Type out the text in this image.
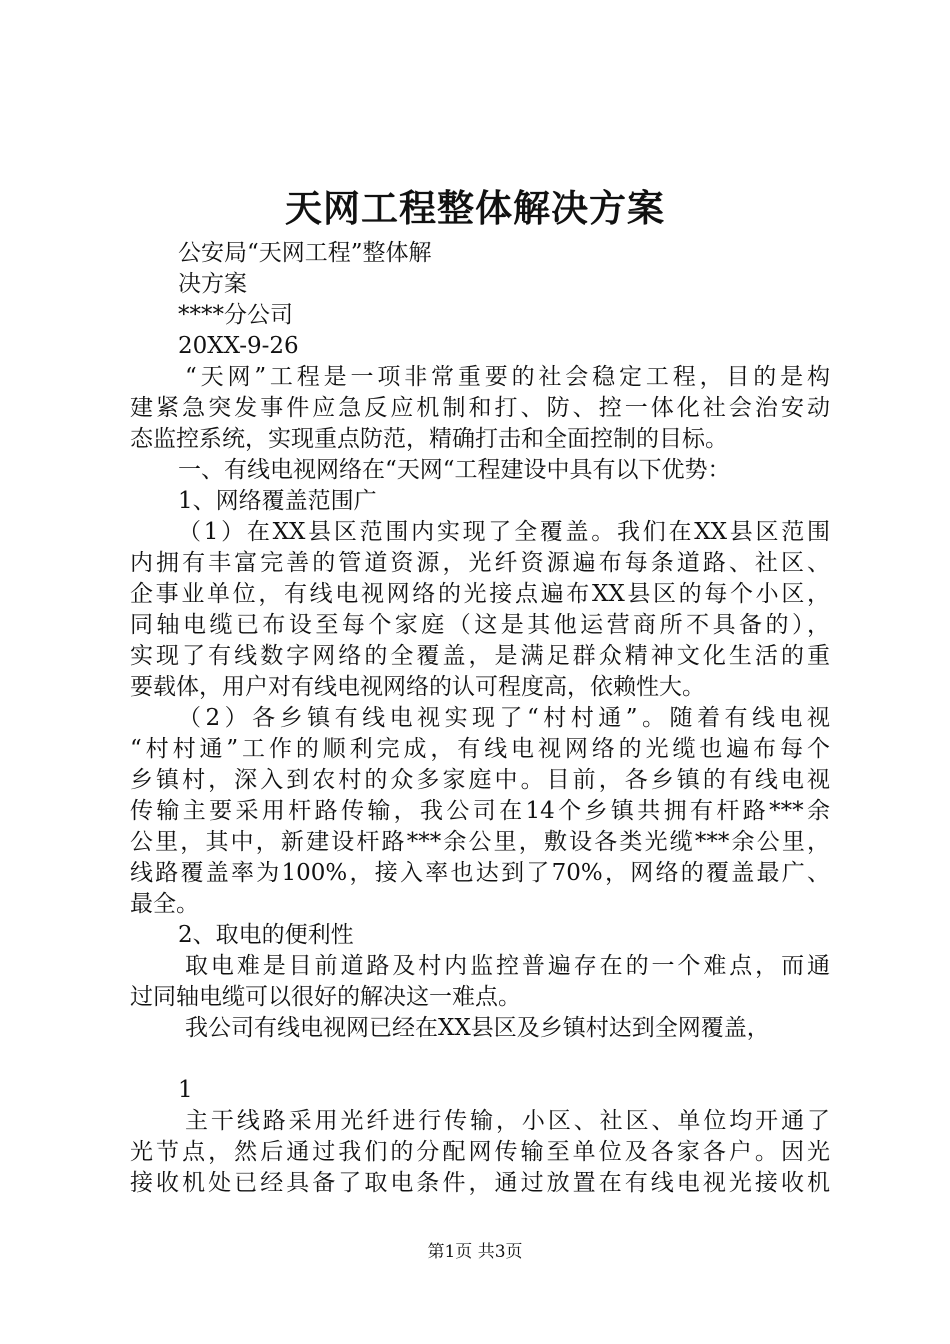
天网工程整体解决方案
公安局“天网工程”整体解
决方案
****分公司
20XX-9-26
“天网”工程是一项非常重要的社会稳定工程，目的是构
建紧急突发事件应急反应机制和打、防、控一体化社会治安动
态监控系统，实现重点防范，精确打击和全面控制的目标。
一、有线电视网络在“天网“工程建设中具有以下优势：
1、网络覆盖范围广
（1）在XX县区范围内实现了全覆盖。我们在XX县区范围
内拥有丰富完善的管道资源，光纤资源遍布每条道路、社区、
企事业单位，有线电视网络的光接点遍布XX县区的每个小区，
同轴电缆已布设至每个家庭（这是其他运营商所不具备的），
实现了有线数字网络的全覆盖，是满足群众精神文化生活的重
要载体，用户对有线电视网络的认可程度高，依赖性大。
（2）各乡镇有线电视实现了“村村通”。随着有线电视
“村村通”工作的顺利完成，有线电视网络的光缆也遍布每个
乡镇村，深入到农村的众多家庭中。目前，各乡镇的有线电视
传输主要采用杆路传输，我公司在14个乡镇共拥有杆路***余
公里，其中，新建设杆路***余公里，敷设各类光缆***余公里，
线路覆盖率为100%，接入率也达到了70%，网络的覆盖最广、
最全。
2、取电的便利性
取电难是目前道路及村内监控普遍存在的一个难点，而通
过同轴电缆可以很好的解决这一难点。
我公司有线电视网已经在XX县区及乡镇村达到全网覆盖，
1
主干线路采用光纤进行传输，小区、社区、单位均开通了
光节点，然后通过我们的分配网传输至单位及各家各户。因光
接收机处已经具备了取电条件，通过放置在有线电视光接收机
第1页 共3页
